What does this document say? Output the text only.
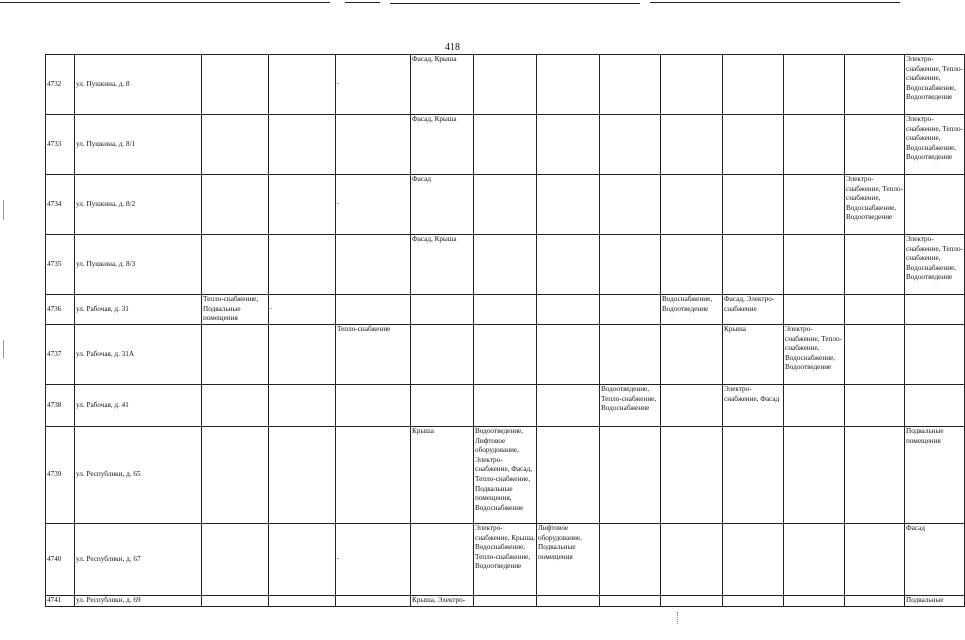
418
4732	ул. Пушкина, д. 8			-	Фасад, Крыша								Электро-снабжение, Тепло-снабжение, Водоснабжение, Водоотведение
4733	ул. Пушкина, д. 8/1				Фасад, Крыша								Электро-снабжение, Тепло-снабжение, Водоснабжение, Водоотведение
4734	ул. Пушкина, д. 8/2			-	Фасад							Электро-снабжение, Тепло-снабжение, Водоснабжение, Водоотведение	
4735	ул. Пушкина, д. 8/3				Фасад, Крыша								Электро-снабжение, Тепло-снабжение, Водоснабжение, Водоотведение
4736	ул. Рабочая, д. 31	Тепло-снабжение, Подвальные помещения	-						Водоснабжение, Водоотведение	Фасад, Электро-снабжение			
4737	ул. Рабочая, д. 31А			Тепло-снабжение						Крыша	Электро-снабжение, Тепло-снабжение, Водоснабжение, Водоотведение		
4738	ул. Рабочая, д. 41							Водоотведение, Тепло-снабжение, Водоснабжение		Электро-снабжение, Фасад			
4739	ул. Республики, д. 65				Крыша	Водоотведение, Лифтовое оборудование, Электро-снабжение, Фасад, Тепло-снабжение, Подвальные помещения, Водоснабжение							Подвальные помещения
4740	ул. Республики, д. 67			-		Электро-снабжение, Крыша, Водоснабжение, Тепло-снабжение, Водоотведение	Лифтовое оборудование, Подвальные помещения						Фасад
4741	ул. Республики, д. 69				Крыша, Электро-								Подвальные
